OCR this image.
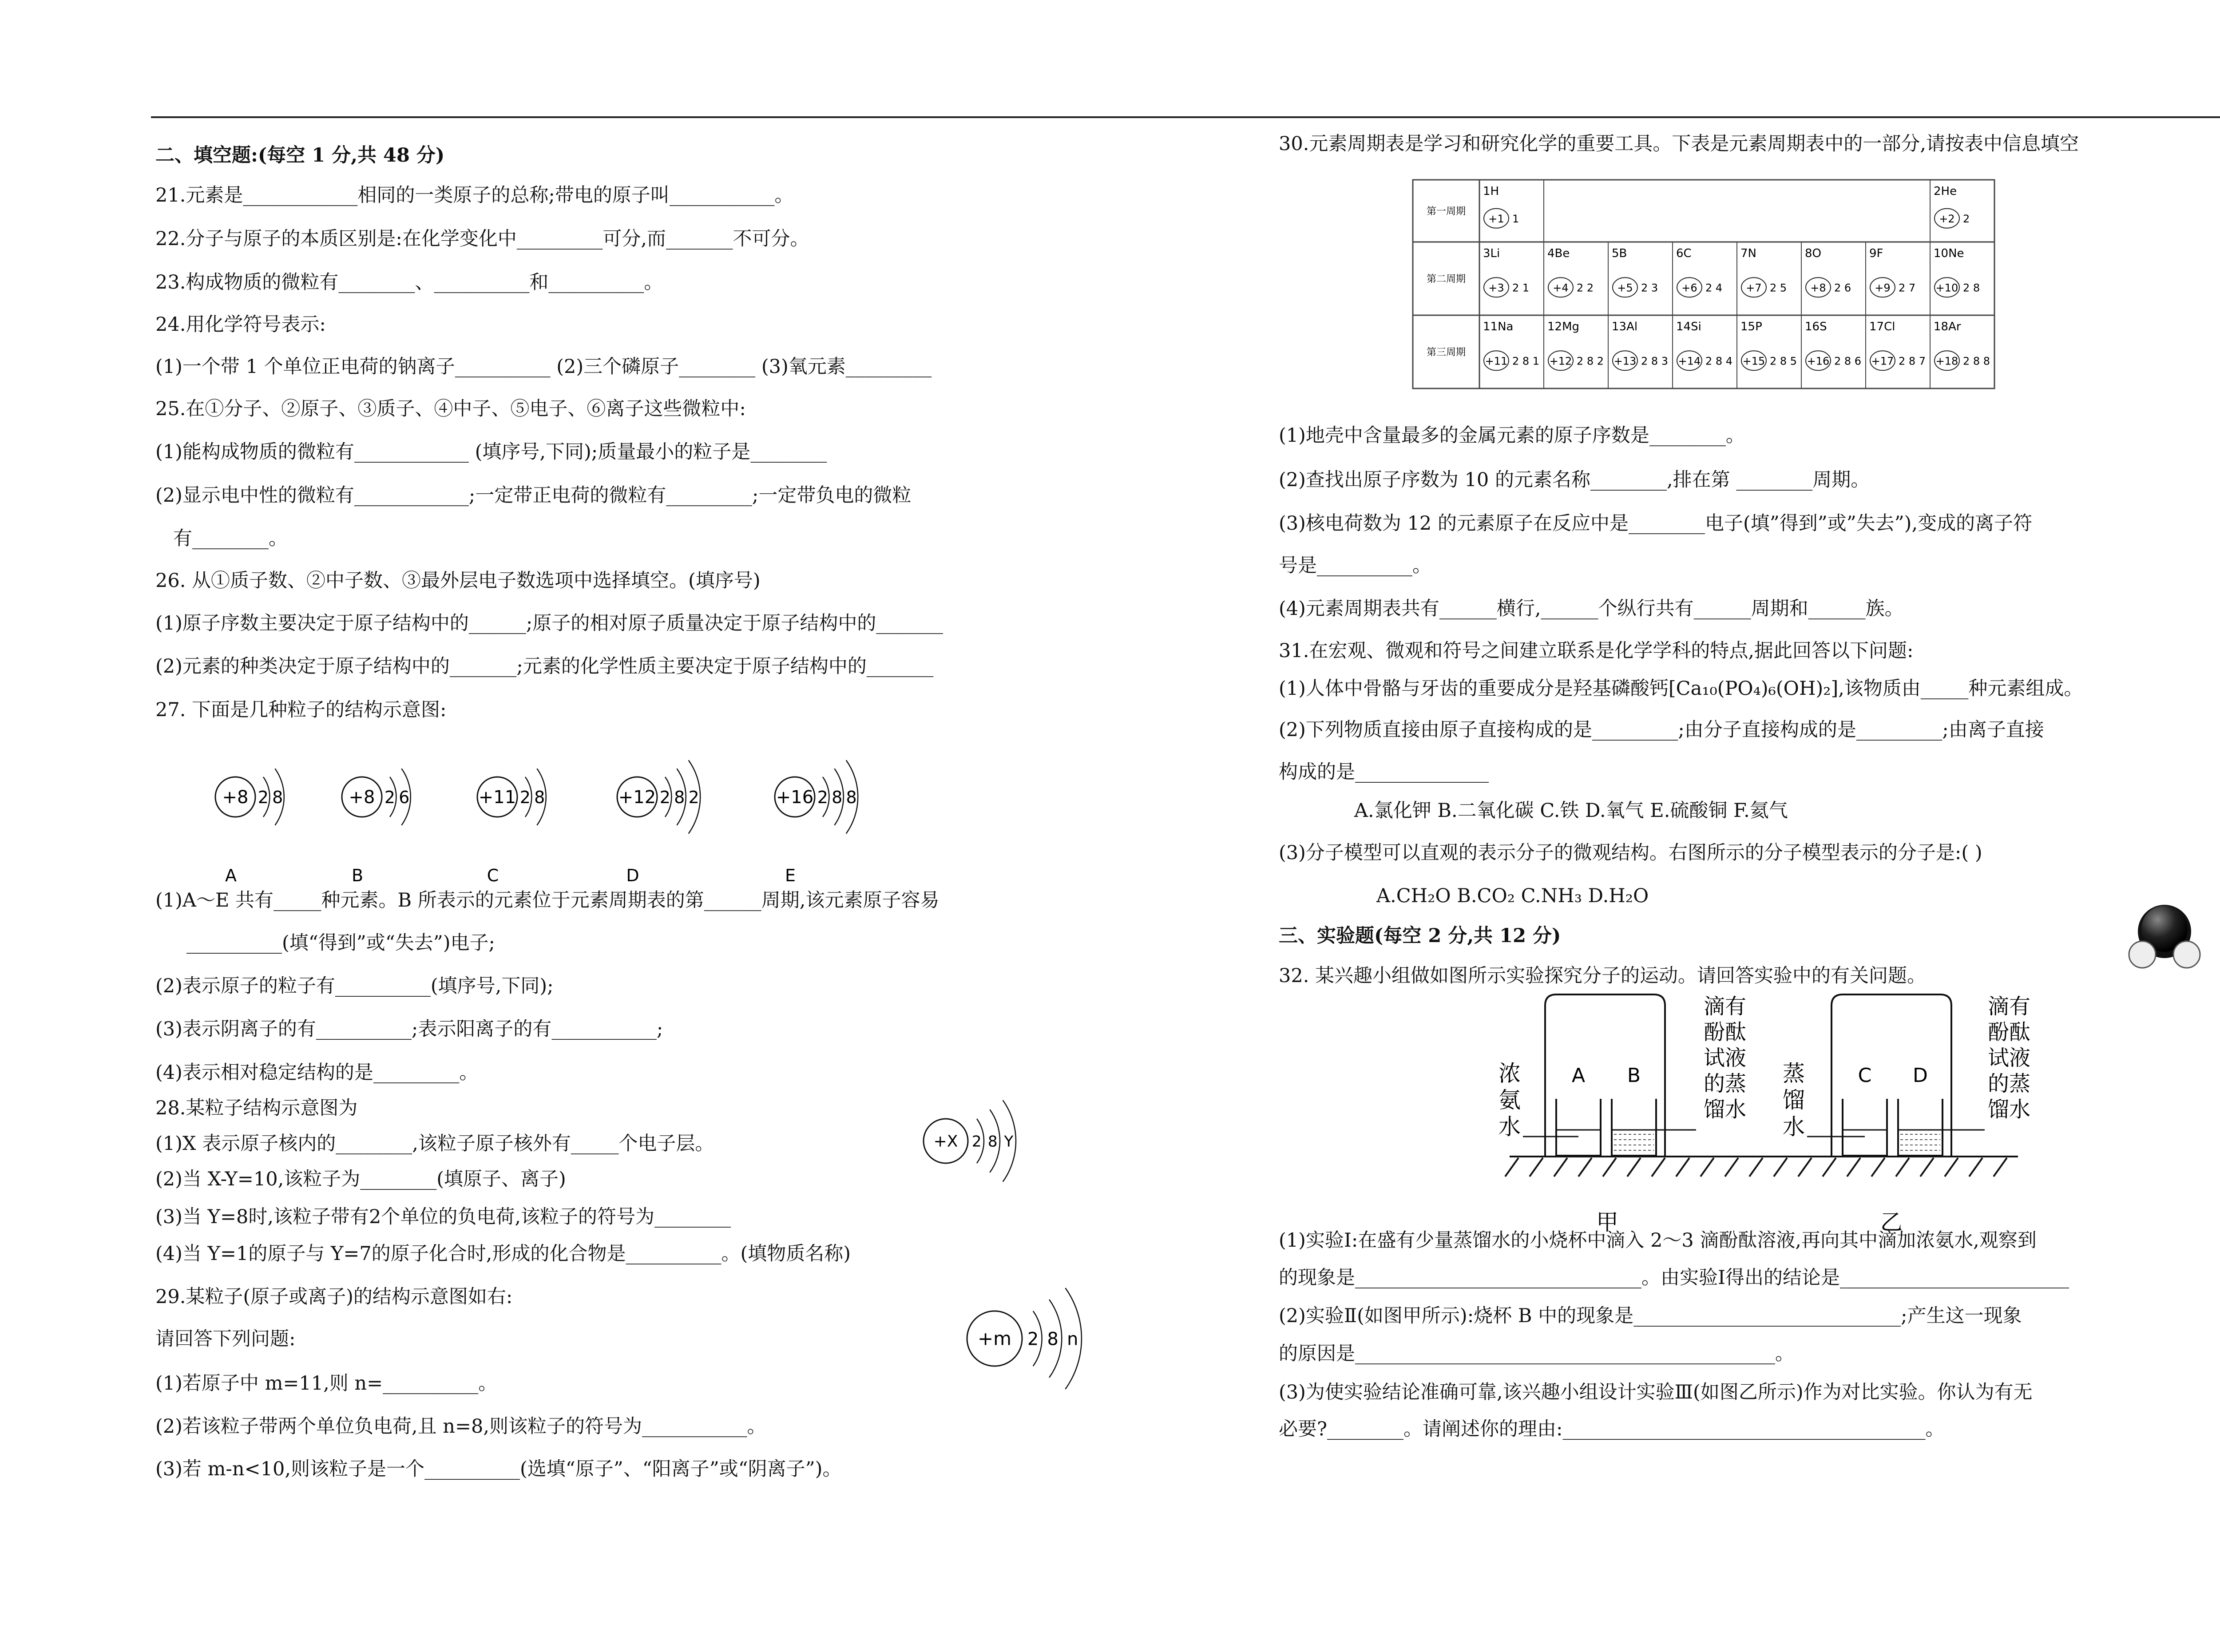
二、填空题:(每空 1 分,共 48 分)
21.元素是____________相同的一类原子的总称;带电的原子叫___________。
22.分子与原子的本质区别是:在化学变化中_________可分,而_______不可分。
23.构成物质的微粒有________、__________和__________。
24.用化学符号表示:
(1)一个带 1 个单位正电荷的钠离子__________ (2)三个磷原子________ (3)氧元素_________
25.在①分子、②原子、③质子、④中子、⑤电子、⑥离子这些微粒中:
(1)能构成物质的微粒有____________ (填序号,下同);质量最小的粒子是________
(2)显示电中性的微粒有____________;一定带正电荷的微粒有_________;一定带负电的微粒
有________。
26. 从①质子数、②中子数、③最外层电子数选项中选择填空。(填序号)
(1)原子序数主要决定于原子结构中的______;原子的相对原子质量决定于原子结构中的_______
(2)元素的种类决定于原子结构中的_______;元素的化学性质主要决定于原子结构中的_______
27. 下面是几种粒子的结构示意图:
+8 2 8
A
+8 2 6
B
+11 2 8
C
+12 2 8 2
D
+16 2 8 8
E
(1)A～E 共有_____种元素。B 所表示的元素位于元素周期表的第______周期,该元素原子容易
__________(填“得到”或“失去”)电子;
(2)表示原子的粒子有__________(填序号,下同);
(3)表示阴离子的有__________;表示阳离子的有___________;
(4)表示相对稳定结构的是_________。
28.某粒子结构示意图为
(1)X 表示原子核内的________,该粒子原子核外有_____个电子层。
(2)当 X-Y=10,该粒子为________(填原子、离子)
(3)当 Y=8时,该粒子带有2个单位的负电荷,该粒子的符号为________
(4)当 Y=1的原子与 Y=7的原子化合时,形成的化合物是__________。(填物质名称)
+X 2 8 Y
29.某粒子(原子或离子)的结构示意图如右:
请回答下列问题:
(1)若原子中 m=11,则 n=__________。
(2)若该粒子带两个单位负电荷,且 n=8,则该粒子的符号为___________。
(3)若 m-n<10,则该粒子是一个__________(选填“原子”、“阳离子”或“阴离子”)。
+m 2 8 n
30.元素周期表是学习和研究化学的重要工具。下表是元素周期表中的一部分,请按表中信息填空
第一周期
第二周期
第三周期
1H
+1 1
2He
+2 2
3Li
+3 2 1
4Be
+4 2 2
5B
+5 2 3
6C
+6 2 4
7N
+7 2 5
8O
+8 2 6
9F
+9 2 7
10Ne
+10 2 8
11Na
+11 2 8 1
12Mg
+12 2 8 2
13Al
+13 2 8 3
14Si
+14 2 8 4
15P
+15 2 8 5
16S
+16 2 8 6
17Cl
+17 2 8 7
18Ar
+18 2 8 8
(1)地壳中含量最多的金属元素的原子序数是________。
(2)查找出原子序数为 10 的元素名称________,排在第 ________周期。
(3)核电荷数为 12 的元素原子在反应中是________电子(填”得到”或”失去”),变成的离子符
号是__________。
(4)元素周期表共有______横行,______个纵行共有______周期和______族。
31.在宏观、微观和符号之间建立联系是化学学科的特点,据此回答以下问题:
(1)人体中骨骼与牙齿的重要成分是羟基磷酸钙[Ca₁₀(PO₄)₆(OH)₂],该物质由_____种元素组成。
(2)下列物质直接由原子直接构成的是_________;由分子直接构成的是_________;由离子直接
构成的是______________
A.氯化钾 B.二氧化碳 C.铁 D.氧气 E.硫酸铜 F.氦气
(3)分子模型可以直观的表示分子的微观结构。右图所示的分子模型表示的分子是:( )
A.CH₂O B.CO₂ C.NH₃ D.H₂O
三、实验题(每空 2 分,共 12 分)
32. 某兴趣小组做如图所示实验探究分子的运动。请回答实验中的有关问题。
A B	C D
浓
氨
水
蒸
馏
水
滴有
酚酞
试液
的蒸
馏水
滴有
酚酞
试液
的蒸
馏水
甲	乙
(1)实验Ⅰ:在盛有少量蒸馏水的小烧杯中滴入 2～3 滴酚酞溶液,再向其中滴加浓氨水,观察到
的现象是______________________________。由实验Ⅰ得出的结论是________________________
(2)实验Ⅱ(如图甲所示):烧杯 B 中的现象是____________________________;产生这一现象
的原因是____________________________________________。
(3)为使实验结论准确可靠,该兴趣小组设计实验Ⅲ(如图乙所示)作为对比实验。你认为有无
必要?________。请阐述你的理由:______________________________________。
